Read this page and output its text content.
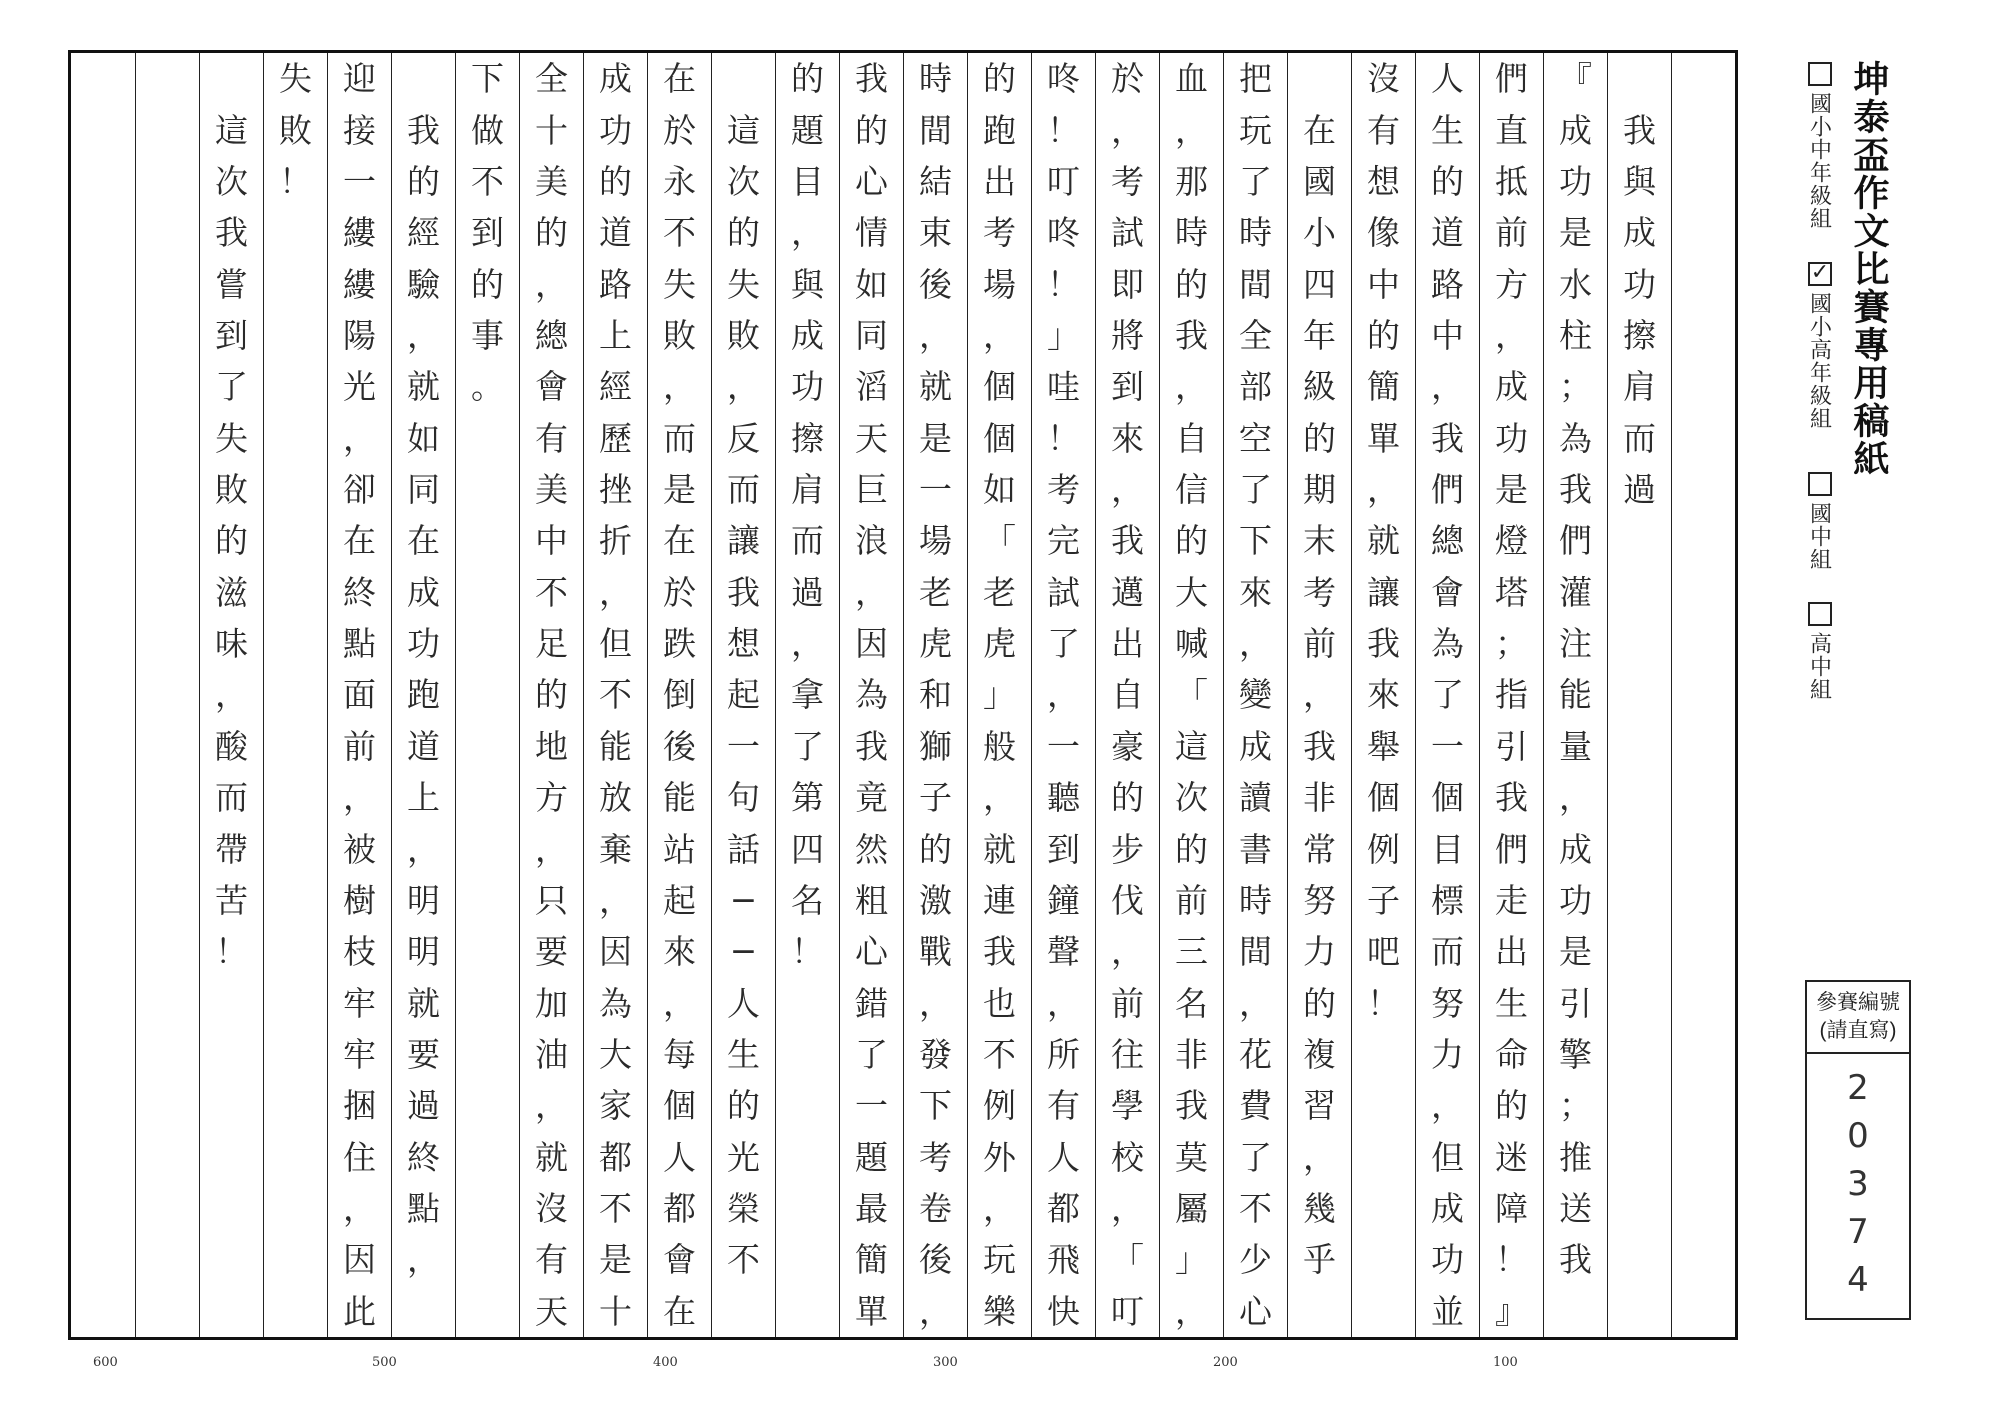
我
與
成
功
擦
肩
而
過
『
成
功
是
水
柱
；
為
我
們
灌
注
能
量
，
成
功
是
引
擎
；
推
送
我
們
直
抵
前
方
，
成
功
是
燈
塔
；
指
引
我
們
走
出
生
命
的
迷
障
！
』
人
生
的
道
路
中
，
我
們
總
會
為
了
一
個
目
標
而
努
力
，
但
成
功
並
沒
有
想
像
中
的
簡
單
，
就
讓
我
來
舉
個
例
子
吧
！

在
國
小
四
年
級
的
期
末
考
前
，
我
非
常
努
力
的
複
習
，
幾
乎
把
玩
了
時
間
全
部
空
了
下
來
，
變
成
讀
書
時
間
，
花
費
了
不
少
心
血
，
那
時
的
我
，
自
信
的
大
喊
「
這
次
的
前
三
名
非
我
莫
屬
」
，
於
，
考
試
即
將
到
來
，
我
邁
出
自
豪
的
步
伐
，
前
往
學
校
，
「
叮
咚
！
叮
咚
！
」
哇
！
考
完
試
了
，
一
聽
到
鐘
聲
，
所
有
人
都
飛
快
的
跑
出
考
場
，
個
個
如
「
老
虎
」
般
，
就
連
我
也
不
例
外
，
玩
樂
時
間
結
束
後
，
就
是
一
場
老
虎
和
獅
子
的
激
戰
，
發
下
考
卷
後
，
我
的
心
情
如
同
滔
天
巨
浪
，
因
為
我
竟
然
粗
心
錯
了
一
題
最
簡
單
的
題
目
，
與
成
功
擦
肩
而
過
，
拿
了
第
四
名
！

這
次
的
失
敗
，
反
而
讓
我
想
起
一
句
話
─
─
人
生
的
光
榮
不
在
於
永
不
失
敗
，
而
是
在
於
跌
倒
後
能
站
起
來
，
每
個
人
都
會
在
成
功
的
道
路
上
經
歷
挫
折
，
但
不
能
放
棄
，
因
為
大
家
都
不
是
十
全
十
美
的
，
總
會
有
美
中
不
足
的
地
方
，
只
要
加
油
，
就
沒
有
天
下
做
不
到
的
事
。

我
的
經
驗
，
就
如
同
在
成
功
跑
道
上
，
明
明
就
要
過
終
點
，
迎
接
一
縷
縷
陽
光
，
卻
在
終
點
面
前
，
被
樹
枝
牢
牢
捆
住
，
因
此
失
敗
！

這
次
我
嘗
到
了
失
敗
的
滋
味
，
酸
而
帶
苦
！
坤泰盃作文比賽專用稿紙
國小中年級組
✓
國小高年級組
國中組
高中組
參賽編號
(請直寫)
2
0
3
7
4
600	500	400	300	200	100
